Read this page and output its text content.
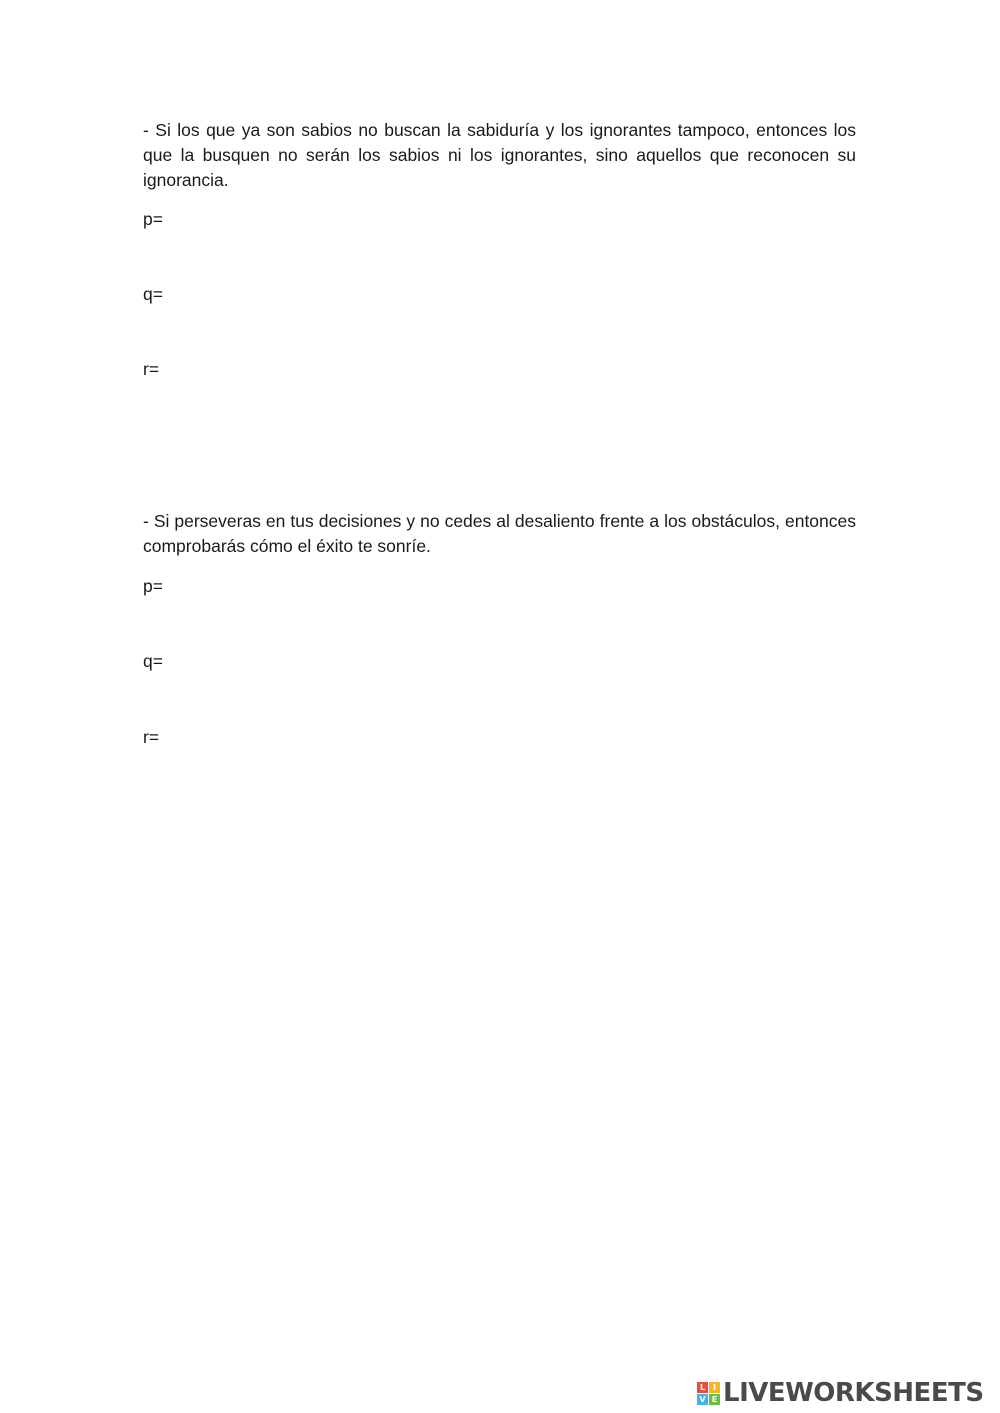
- Si los que ya son sabios no buscan la sabiduría y los ignorantes tampoco, entonces los que la busquen no serán los sabios ni los ignorantes, sino aquellos que reconocen su ignorancia.

p=

q=

r=

- Si perseveras en tus decisiones y no cedes al desaliento frente a los obstáculos, entonces comprobarás cómo el éxito te sonríe.

p=

q=

r=

L I
V E LIVEWORKSHEETS
